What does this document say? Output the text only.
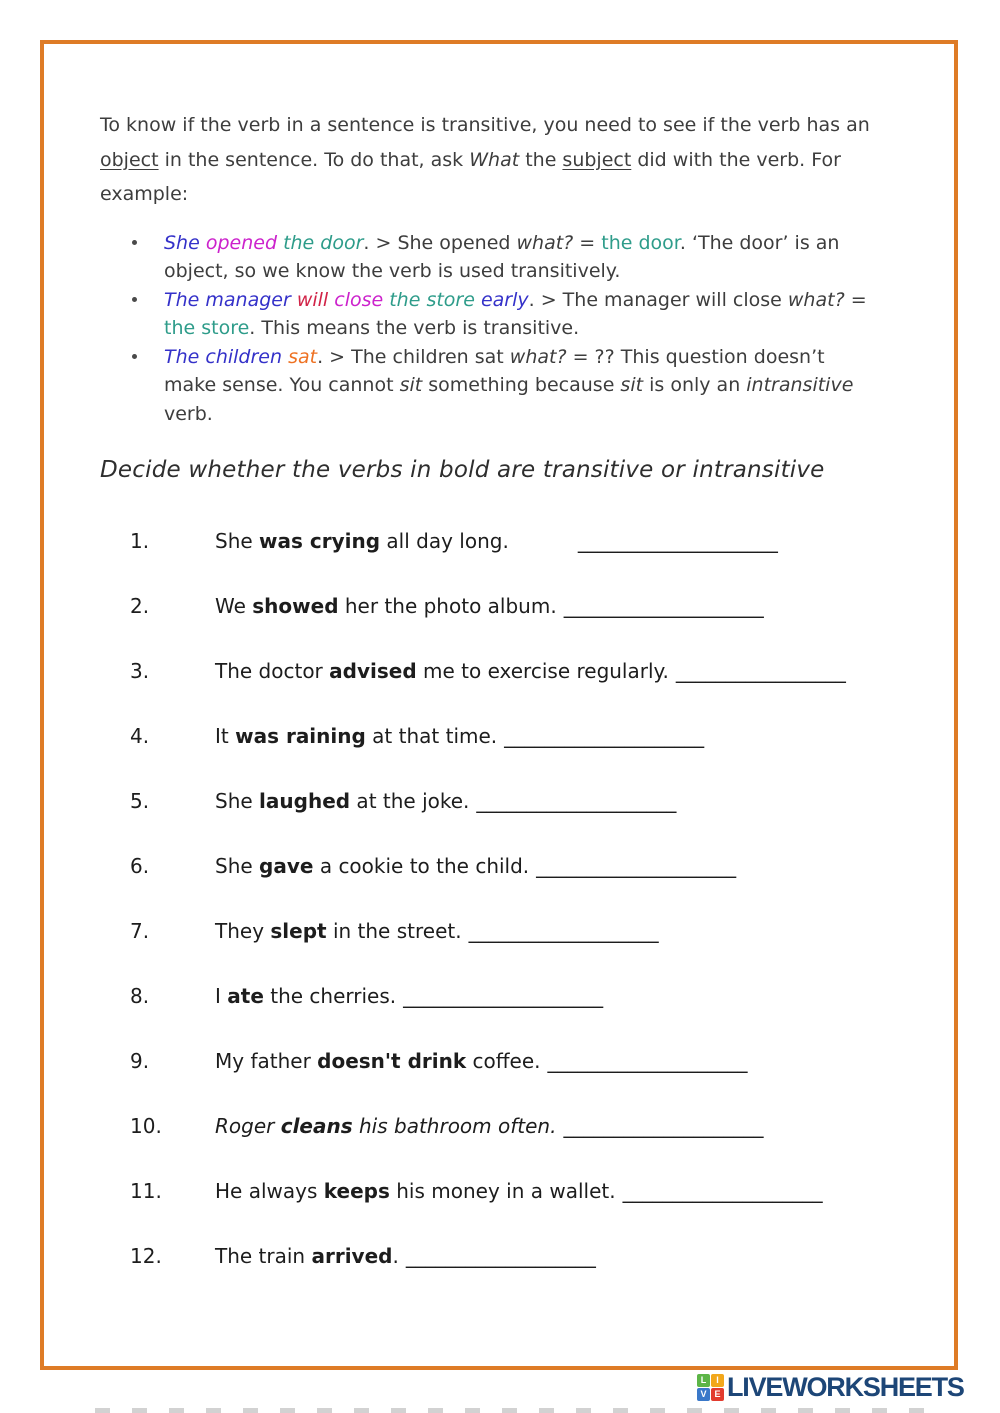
To know if the verb in a sentence is transitive, you need to see if the verb has an object in the sentence. To do that, ask What the subject did with the verb. For example:

She opened the door. > She opened what? = the door. ‘The door’ is an object, so we know the verb is used transitively.
The manager will close the store early. > The manager will close what? = the store. This means the verb is transitive.
The children sat. > The children sat what? = ?? This question doesn’t make sense. You cannot sit something because sit is only an intransitive verb.
Decide whether the verbs in bold are transitive or intransitive
1.	She was crying all day long.	____________________
2.	We showed her the photo album. ____________________
3.	The doctor advised me to exercise regularly. _________________
4.	It was raining at that time. ____________________
5.	She laughed at the joke. ____________________
6.	She gave a cookie to the child. ____________________
7.	They slept in the street. ___________________
8.	I ate the cherries. ____________________
9.	My father doesn't drink coffee. ____________________
10.	Roger cleans his bathroom often. ____________________
11.	He always keeps his money in a wallet. ____________________
12.	The train arrived. ___________________
L	I
V E LIVEWORKSHEETS
